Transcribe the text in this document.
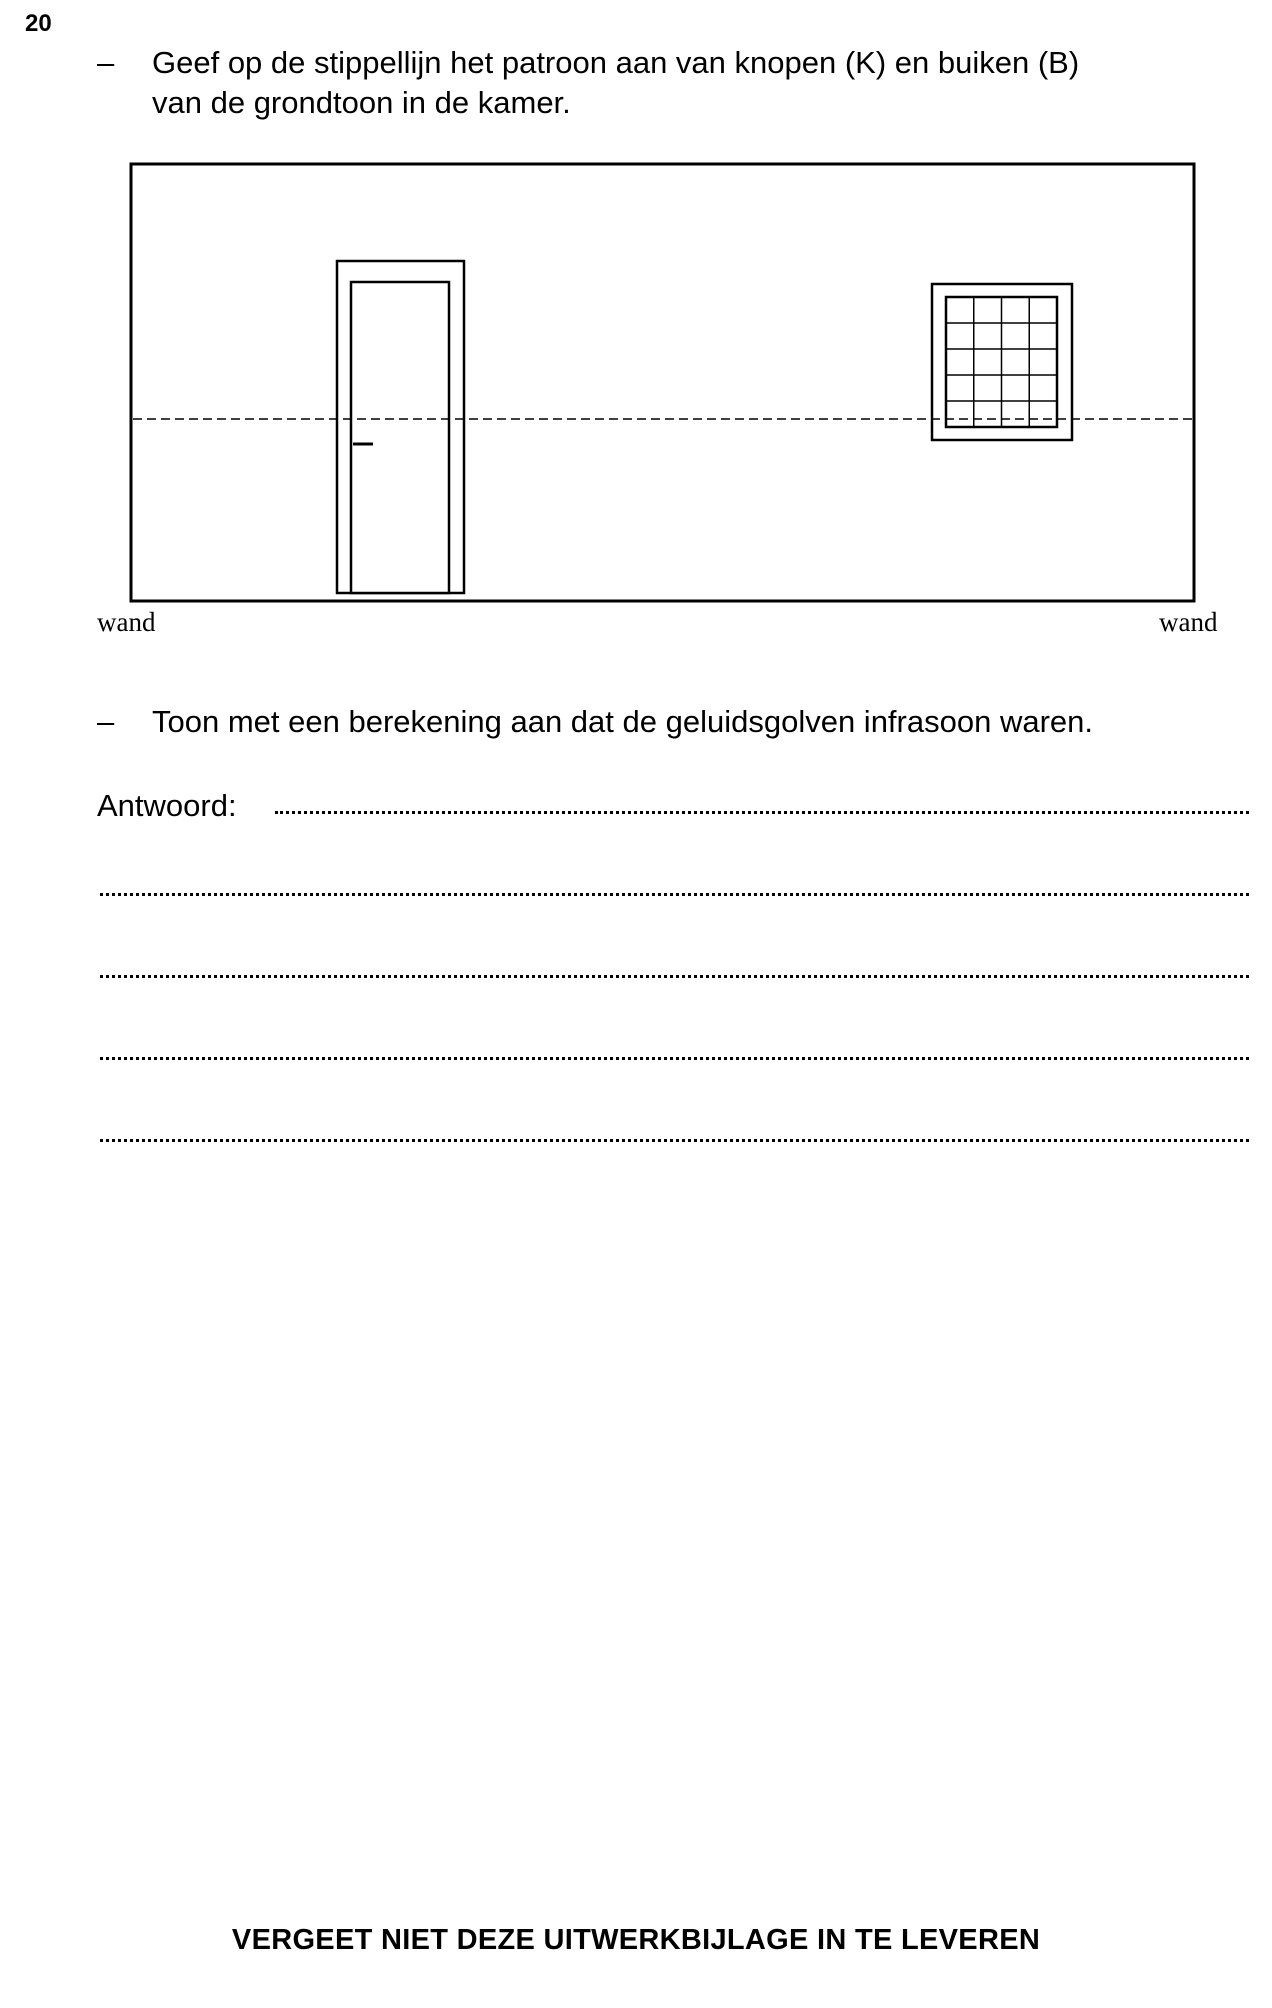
20
–	Geef op de stippellijn het patroon aan van knopen (K) en buiken (B)
van de grondtoon in de kamer.
wand	wand
–	Toon met een berekening aan dat de geluidsgolven infrasoon waren.
Antwoord:
VERGEET NIET DEZE UITWERKBIJLAGE IN TE LEVEREN
